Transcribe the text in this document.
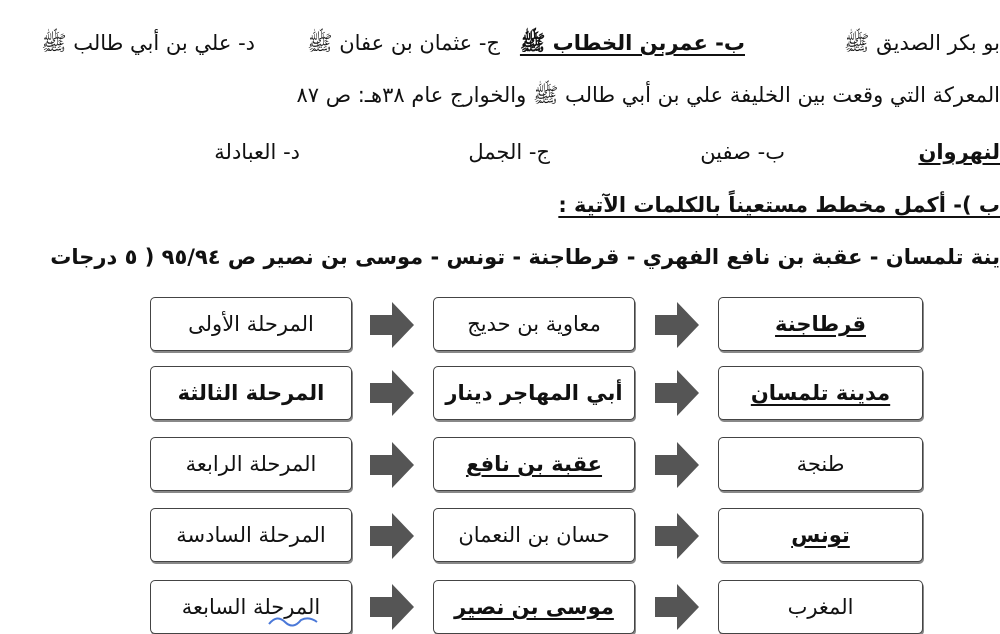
بو بكر الصديق ﷺ
ب- عمربن الخطاب ﷺ
ج- عثمان بن عفان ﷺ
د- علي بن أبي طالب ﷺ
المعركة التي وقعت بين الخليفة علي بن أبي طالب ﷺ والخوارج عام ٣٨هـ: ص ٨٧
لنهروان
ب- صفين
ج- الجمل
د- العبادلة
ب )- أكمل مخطط مستعيناً بالكلمات الآتية :
ينة تلمسان - عقبة بن نافع الفهري - قرطاجنة - تونس - موسى بن نصير ص ٩٥/٩٤ ( ٥ درجات
المرحلة الأولى	معاوية بن حديج	قرطاجنة
المرحلة الثالثة	أبي المهاجر دينار	مدينة تلمسان
المرحلة الرابعة	عقبة بن نافع	طنجة
المرحلة السادسة	حسان بن النعمان	تونس
المرحلة السابعة	موسى بن نصير	المغرب
